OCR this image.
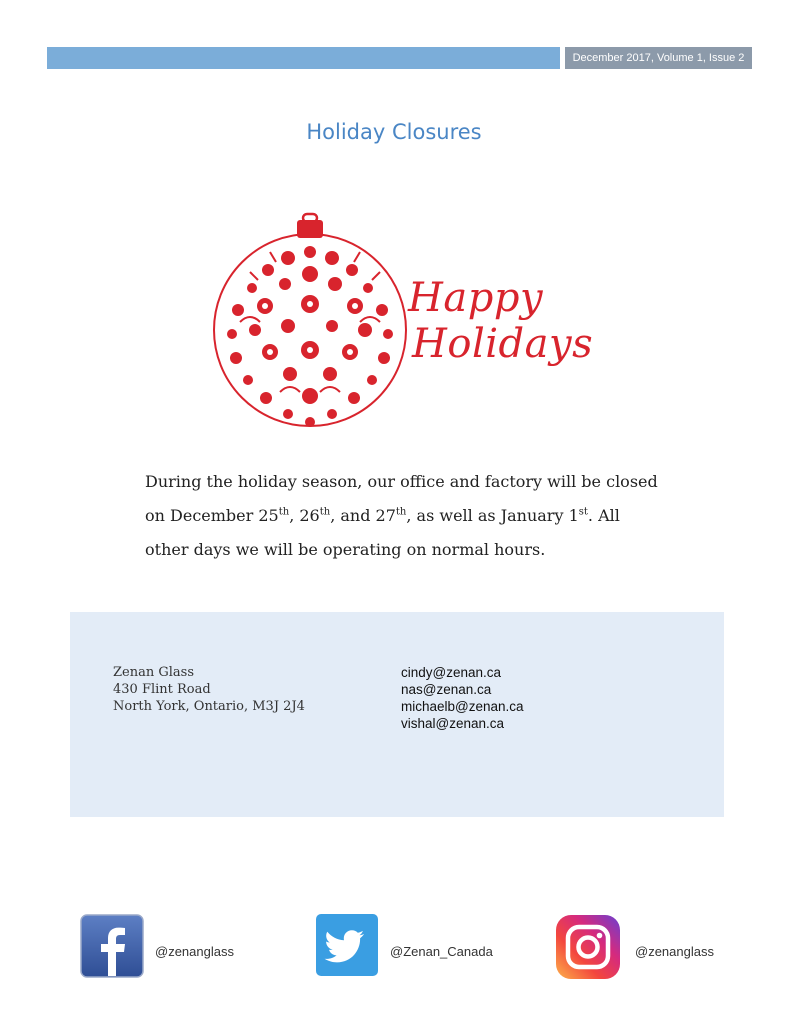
December 2017, Volume 1, Issue 2
Holiday Closures
Happy
Holidays
During the holiday season, our office and factory will be closed on December 25th, 26th, and 27th, as well as January 1st. All other days we will be operating on normal hours.
Zenan Glass
430 Flint Road
North York, Ontario, M3J 2J4
cindy@zenan.ca
nas@zenan.ca
michaelb@zenan.ca
vishal@zenan.ca
@zenanglass	@Zenan_Canada	@zenanglass
